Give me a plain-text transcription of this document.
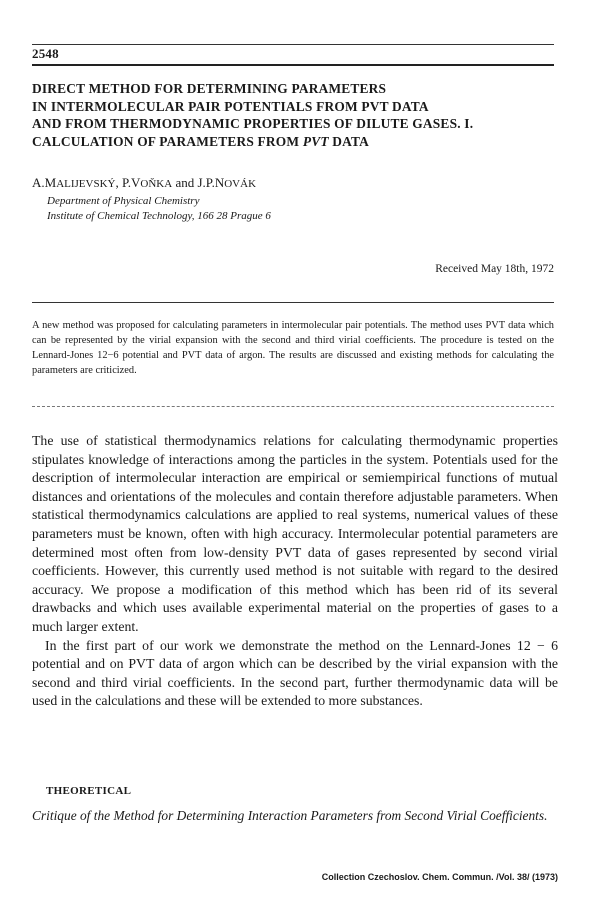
2548
DIRECT METHOD FOR DETERMINING PARAMETERS
IN INTERMOLECULAR PAIR POTENTIALS FROM PVT DATA
AND FROM THERMODYNAMIC PROPERTIES OF DILUTE GASES. I.
CALCULATION OF PARAMETERS FROM PVT DATA
A.MALIJEVSKÝ, P.VOŇKA and J.P.NOVÁK
Department of Physical Chemistry
Institute of Chemical Technology, 166 28 Prague 6
Received May 18th, 1972

A new method was proposed for calculating parameters in intermolecular pair potentials. The method uses PVT data which can be represented by the virial expansion with the second and third virial coefficients. The procedure is tested on the Lennard-Jones 12−6 potential and PVT data of argon. The results are discussed and existing methods for calculating the parameters are criticized.

The use of statistical thermodynamics relations for calculating thermodynamic properties stipulates knowledge of interactions among the particles in the system. Potentials used for the description of intermolecular interaction are empirical or semiempirical functions of mutual distances and orientations of the molecules and contain therefore adjustable parameters. When statistical thermodynamics calculations are applied to real systems, numerical values of these parameters must be known, often with high accuracy. Intermolecular potential parameters are determined most often from low-density PVT data of gases represented by second virial coefficients. However, this currently used method is not suitable with regard to the desired accuracy. We propose a modification of this method which has been rid of its several drawbacks and which uses available experimental material on the properties of gases to a much larger extent.

In the first part of our work we demonstrate the method on the Lennard-Jones 12 − 6 potential and on PVT data of argon which can be described by the virial expansion with the second and third virial coefficients. In the second part, further thermodynamic data will be used in the calculations and these will be extended to more substances.

THEORETICAL
Critique of the Method for Determining Interaction Parameters from Second Virial Coefficients.
Collection Czechoslov. Chem. Commun. /Vol. 38/ (1973)
